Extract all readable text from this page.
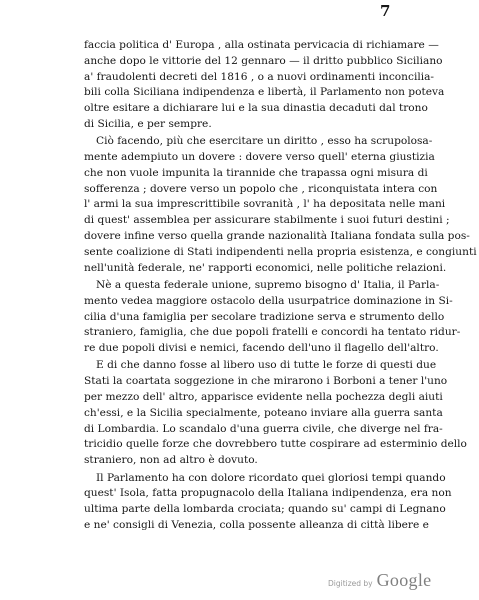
7
faccia politica d' Europa , alla ostinata pervicacia di richiamare —
anche dopo le vittorie del 12 gennaro — il dritto pubblico Siciliano
a' fraudolenti decreti del 1816 , o a nuovi ordinamenti inconcilia-
bili colla Siciliana indipendenza e libertà, il Parlamento non poteva
oltre esitare a dichiarare lui e la sua dinastia decaduti dal trono
di Sicilia, e per sempre.
Ciò facendo, più che esercitare un diritto , esso ha scrupolosa-
mente adempiuto un dovere : dovere verso quell' eterna giustizia
che non vuole impunita la tirannide che trapassa ogni misura di
sofferenza ; dovere verso un popolo che , riconquistata intera con
l' armi la sua imprescrittibile sovranità , l' ha depositata nelle mani
di quest' assemblea per assicurare stabilmente i suoi futuri destini ;
dovere infine verso quella grande nazionalità Italiana fondata sulla pos-
sente coalizione di Stati indipendenti nella propria esistenza, e congiunti
nell'unità federale, ne' rapporti economici, nelle politiche relazioni.
Nè a questa federale unione, supremo bisogno d' Italia, il Parla-
mento vedea maggiore ostacolo della usurpatrice dominazione in Si-
cilia d'una famiglia per secolare tradizione serva e strumento dello
straniero, famiglia, che due popoli fratelli e concordi ha tentato ridur-
re due popoli divisi e nemici, facendo dell'uno il flagello dell'altro.
E di che danno fosse al libero uso di tutte le forze di questi due
Stati la coartata soggezione in che mirarono i Borboni a tener l'uno
per mezzo dell' altro, apparisce evidente nella pochezza degli aiuti
ch'essi, e la Sicilia specialmente, poteano inviare alla guerra santa
di Lombardia. Lo scandalo d'una guerra civile, che diverge nel fra-
tricidio quelle forze che dovrebbero tutte cospirare ad esterminio dello
straniero, non ad altro è dovuto.
Il Parlamento ha con dolore ricordato quei gloriosi tempi quando
quest' Isola, fatta propugnacolo della Italiana indipendenza, era non
ultima parte della lombarda crociata; quando su' campi di Legnano
e ne' consigli di Venezia, colla possente alleanza di città libere e
Digitized by Google
